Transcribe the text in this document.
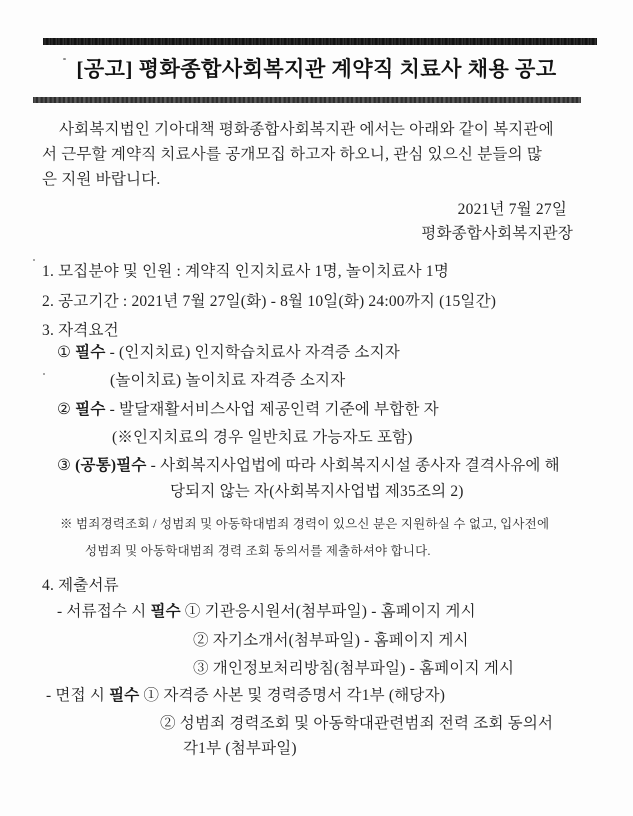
[공고] 평화종합사회복지관 계약직 치료사 채용 공고

사회복지법인 기아대책 평화종합사회복지관 에서는 아래와 같이 복지관에

서 근무할 계약직 치료사를 공개모집 하고자 하오니, 관심 있으신 분들의 많

은 지원 바랍니다.

2021년 7월 27일

평화종합사회복지관장

1. 모집분야 및 인원 : 계약직 인지치료사 1명, 놀이치료사 1명

2. 공고기간 : 2021년 7월 27일(화) - 8월 10일(화) 24:00까지 (15일간)

3. 자격요건

① 필수 - (인지치료) 인지학습치료사 자격증 소지자

(놀이치료) 놀이치료 자격증 소지자

② 필수 - 발달재활서비스사업 제공인력 기준에 부합한 자

(※인지치료의 경우 일반치료 가능자도 포함)

③ (공통)필수 - 사회복지사업법에 따라 사회복지시설 종사자 결격사유에 해

당되지 않는 자(사회복지사업법 제35조의 2)

※ 범죄경력조회 / 성범죄 및 아동학대범죄 경력이 있으신 분은 지원하실 수 없고, 입사전에

성범죄 및 아동학대범죄 경력 조회 동의서를 제출하셔야 합니다.

4. 제출서류

- 서류접수 시 필수 ① 기관응시원서(첨부파일) - 홈페이지 게시

② 자기소개서(첨부파일) - 홈페이지 게시

③ 개인정보처리방침(첨부파일) - 홈페이지 게시

- 면접 시 필수 ① 자격증 사본 및 경력증명서 각1부 (해당자)

② 성범죄 경력조회 및 아동학대관련범죄 전력 조회 동의서

각1부 (첨부파일)
